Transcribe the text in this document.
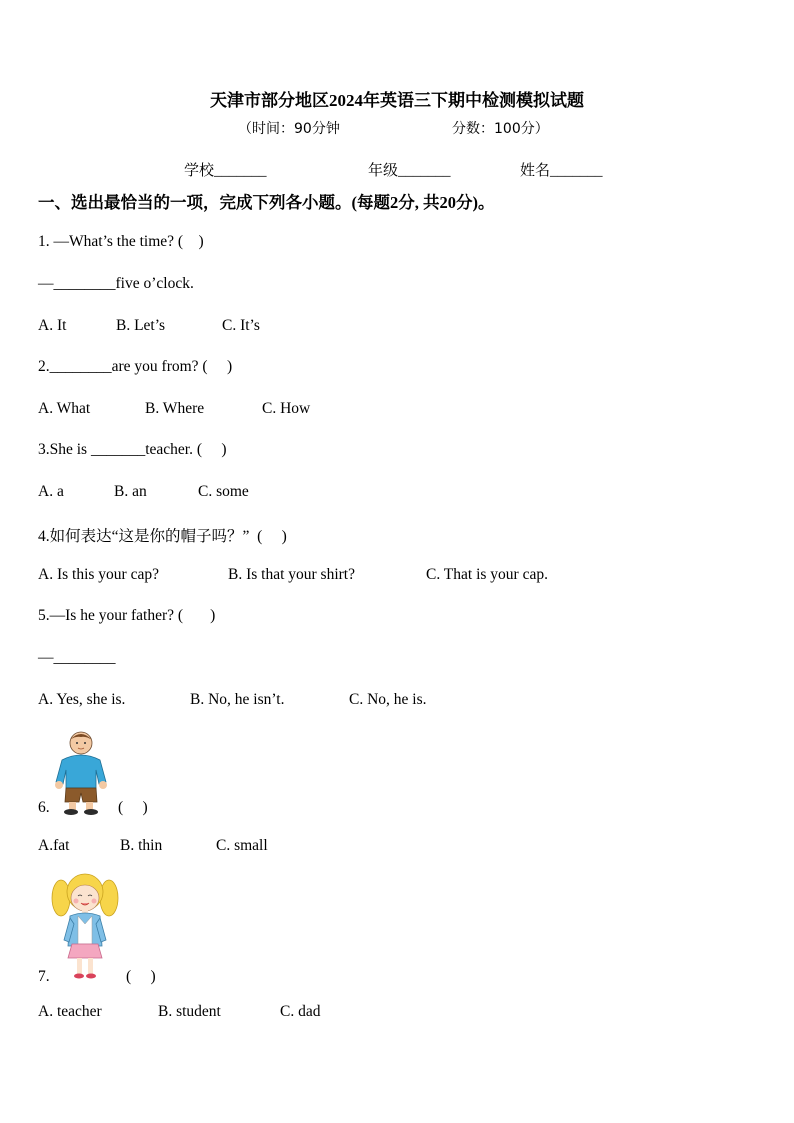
天津市部分地区2024年英语三下期中检测模拟试题
（时间：90分钟	分数：100分）
学校_______	年级_______	姓名_______
一、选出最恰当的一项，完成下列各小题。(每题2分, 共20分)。
1. —What’s the time? (    )
—________five o’clock.
A. It	B. Let’s	C. It’s
2.________are you from? (     )
A. What	B. Where	C. How
3.She is _______teacher. (     )
A. a	B. an	C. some
4.如何表达“这是你的帽子吗？”  (     )
A. Is this your cap?	B. Is that your shirt?	C. That is your cap.
5.—Is he your father? (       )
—________
A. Yes, she is.	B. No, he isn’t.	C. No, he is.
6.	(     )
A.fat	B. thin	C. small
7.	(     )
A. teacher	B. student	C. dad
